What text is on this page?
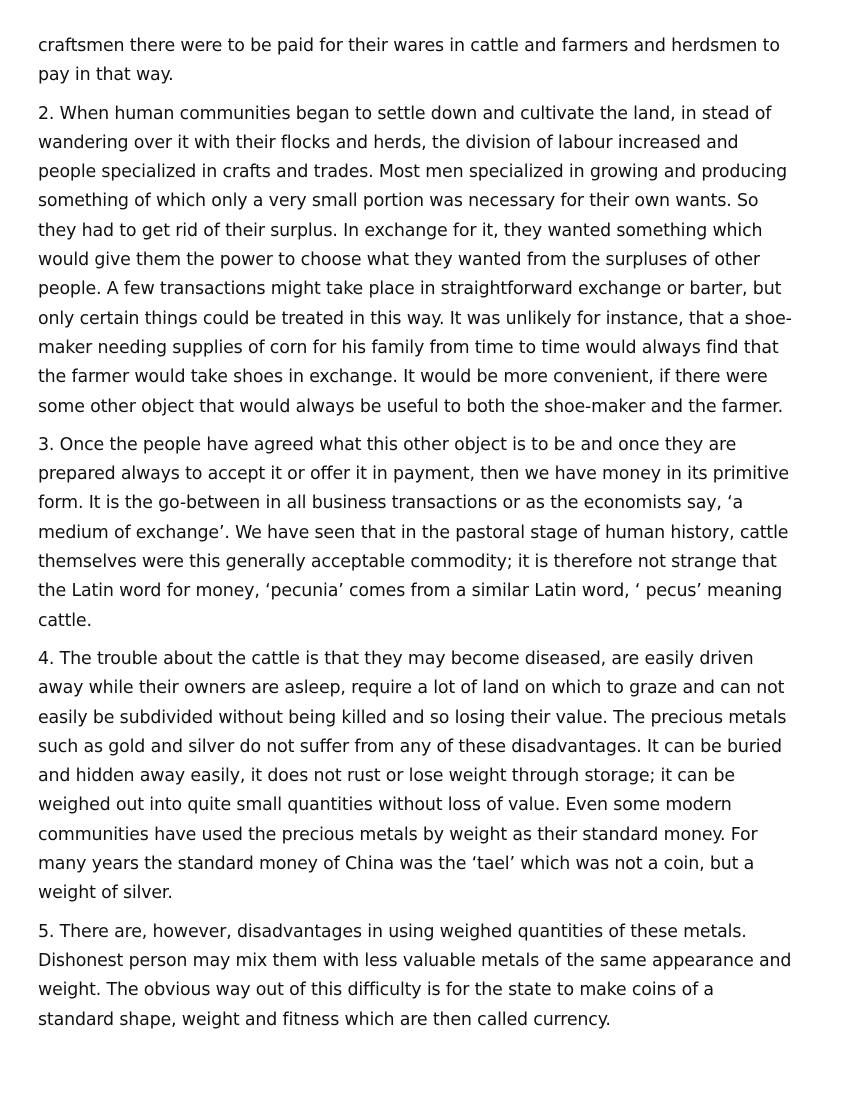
craftsmen there were to be paid for their wares in cattle and farmers and herdsmen to
pay in that way.
2. When human communities began to settle down and cultivate the land, in stead of
wandering over it with their flocks and herds, the division of labour increased and
people specialized in crafts and trades. Most men specialized in growing and producing
something of which only a very small portion was necessary for their own wants. So
they had to get rid of their surplus. In exchange for it, they wanted something which
would give them the power to choose what they wanted from the surpluses of other
people. A few transactions might take place in straightforward exchange or barter, but
only certain things could be treated in this way. It was unlikely for instance, that a shoe-
maker needing supplies of corn for his family from time to time would always find that
the farmer would take shoes in exchange. It would be more convenient, if there were
some other object that would always be useful to both the shoe-maker and the farmer.
3. Once the people have agreed what this other object is to be and once they are
prepared always to accept it or offer it in payment, then we have money in its primitive
form. It is the go-between in all business transactions or as the economists say, ‘a
medium of exchange’. We have seen that in the pastoral stage of human history, cattle
themselves were this generally acceptable commodity; it is therefore not strange that
the Latin word for money, ‘pecunia’ comes from a similar Latin word, ‘ pecus’ meaning
cattle.
4. The trouble about the cattle is that they may become diseased, are easily driven
away while their owners are asleep, require a lot of land on which to graze and can not
easily be subdivided without being killed and so losing their value. The precious metals
such as gold and silver do not suffer from any of these disadvantages. It can be buried
and hidden away easily, it does not rust or lose weight through storage; it can be
weighed out into quite small quantities without loss of value. Even some modern
communities have used the precious metals by weight as their standard money. For
many years the standard money of China was the ‘tael’ which was not a coin, but a
weight of silver.
5. There are, however, disadvantages in using weighed quantities of these metals.
Dishonest person may mix them with less valuable metals of the same appearance and
weight. The obvious way out of this difficulty is for the state to make coins of a
standard shape, weight and fitness which are then called currency.
